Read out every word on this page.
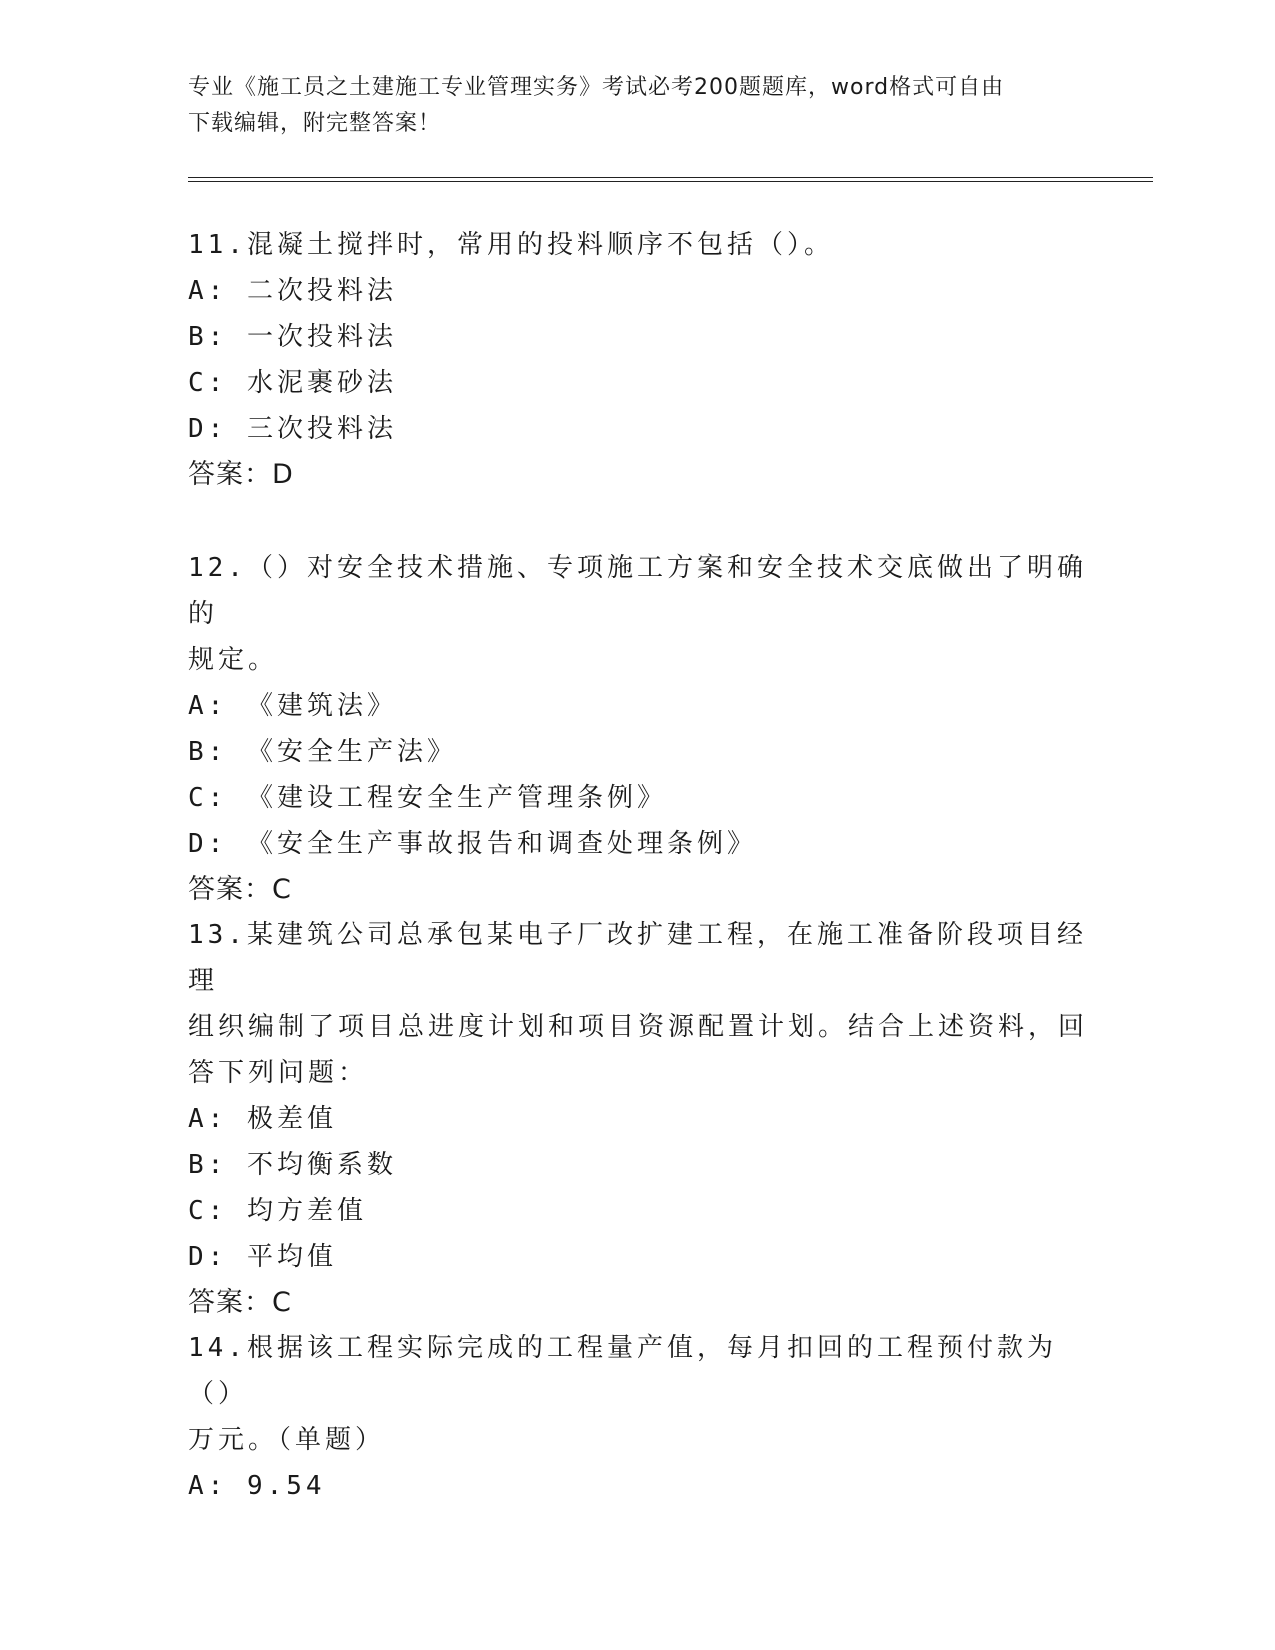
专业《施工员之土建施工专业管理实务》考试必考200题题库，word格式可自由
下载编辑，附完整答案！

11.混凝土搅拌时，常用的投料顺序不包括（）。

A: 二次投料法

B: 一次投料法

C: 水泥裹砂法

D: 三次投料法

答案：D

12.（）对安全技术措施、专项施工方案和安全技术交底做出了明确的

规定。

A: 《建筑法》

B: 《安全生产法》

C: 《建设工程安全生产管理条例》

D: 《安全生产事故报告和调查处理条例》

答案：C

13.某建筑公司总承包某电子厂改扩建工程，在施工准备阶段项目经理

组织编制了项目总进度计划和项目资源配置计划。结合上述资料，回

答下列问题：

A: 极差值

B: 不均衡系数

C: 均方差值

D: 平均值

答案：C

14.根据该工程实际完成的工程量产值，每月扣回的工程预付款为（）

万元。（单题）

A: 9.54
